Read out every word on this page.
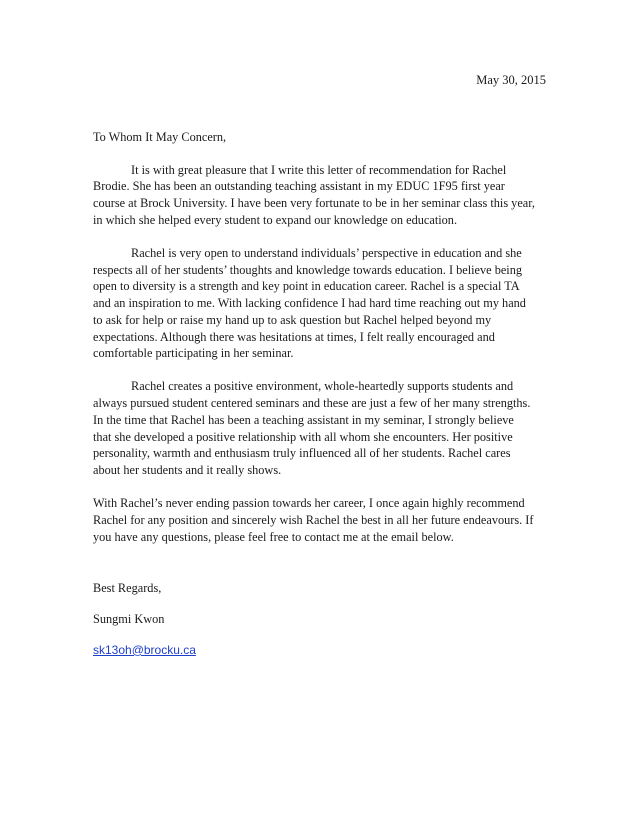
May 30, 2015
To Whom It May Concern,
It is with great pleasure that I write this letter of recommendation for Rachel
Brodie. She has been an outstanding teaching assistant in my EDUC 1F95 first year
course at Brock University. I have been very fortunate to be in her seminar class this year,
in which she helped every student to expand our knowledge on education.
Rachel is very open to understand individuals’ perspective in education and she
respects all of her students’ thoughts and knowledge towards education. I believe being
open to diversity is a strength and key point in education career. Rachel is a special TA
and an inspiration to me. With lacking confidence I had hard time reaching out my hand
to ask for help or raise my hand up to ask question but Rachel helped beyond my
expectations. Although there was hesitations at times, I felt really encouraged and
comfortable participating in her seminar.
Rachel creates a positive environment, whole-heartedly supports students and
always pursued student centered seminars and these are just a few of her many strengths.
In the time that Rachel has been a teaching assistant in my seminar, I strongly believe
that she developed a positive relationship with all whom she encounters. Her positive
personality, warmth and enthusiasm truly influenced all of her students. Rachel cares
about her students and it really shows.
With Rachel’s never ending passion towards her career, I once again highly recommend
Rachel for any position and sincerely wish Rachel the best in all her future endeavours. If
you have any questions, please feel free to contact me at the email below.
Best Regards,
Sungmi Kwon
sk13oh@brocku.ca
